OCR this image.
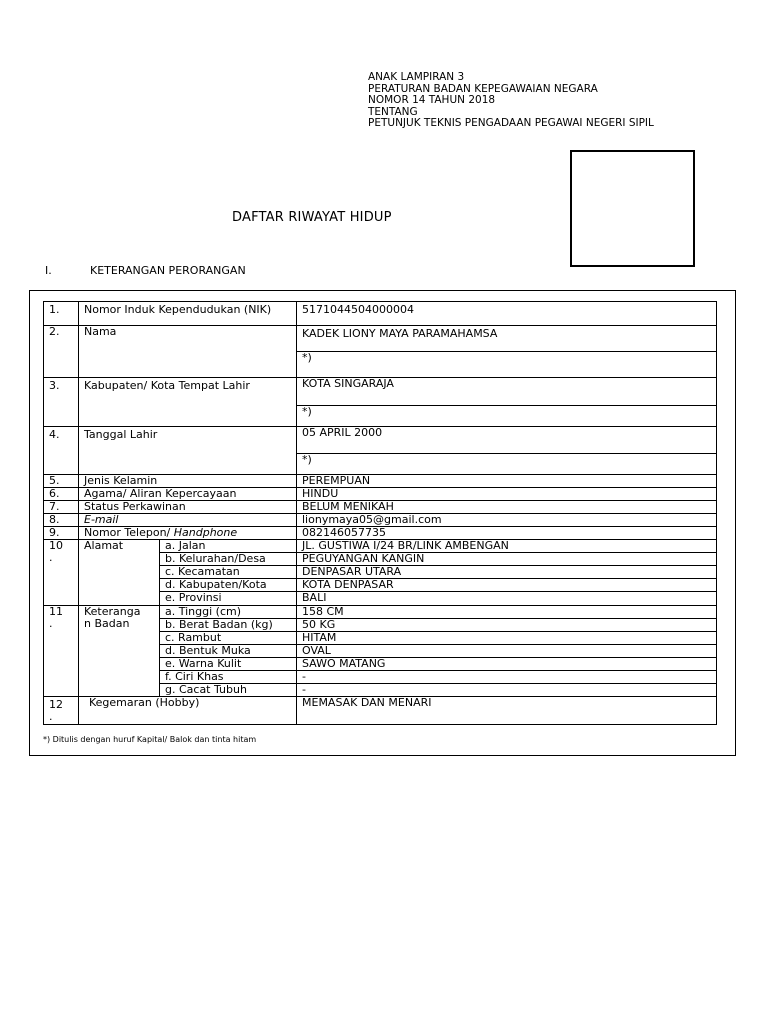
ANAK LAMPIRAN 3
PERATURAN BADAN KEPEGAWAIAN NEGARA
NOMOR 14 TAHUN 2018
TENTANG
PETUNJUK TEKNIS PENGADAAN PEGAWAI NEGERI SIPIL
DAFTAR RIWAYAT HIDUP
I.	KETERANGAN PERORANGAN
1.	Nomor Induk Kependudukan (NIK)		5171044504000004
2.	Nama		KADEK LIONY MAYA PARAMAHAMSA
			*)
3.	Kabupaten/ Kota Tempat Lahir		KOTA SINGARAJA
			*)
4.	Tanggal Lahir		05 APRIL 2000
			*)
5.	Jenis Kelamin		PEREMPUAN
6.	Agama/ Aliran Kepercayaan		HINDU
7.	Status Perkawinan		BELUM MENIKAH
8.	E-mail		lionymaya05@gmail.com
9.	Nomor Telepon/ Handphone		082146057735
10
.	Alamat	a. Jalan	JL. GUSTIWA I/24 BR/LINK AMBENGAN
		b. Kelurahan/Desa	PEGUYANGAN KANGIN
		c. Kecamatan	DENPASAR UTARA
		d. Kabupaten/Kota	KOTA DENPASAR
		e. Provinsi	BALI
11
.	Keteranga
n Badan	a. Tinggi (cm)	158 CM
		b. Berat Badan (kg)	50 KG
		c. Rambut	HITAM
		d. Bentuk Muka	OVAL
		e. Warna Kulit	SAWO MATANG
		f. Ciri Khas	-
		g. Cacat Tubuh	-
12
.	Kegemaran (Hobby)		MEMASAK DAN MENARI
*) Ditulis dengan huruf Kapital/ Balok dan tinta hitam
